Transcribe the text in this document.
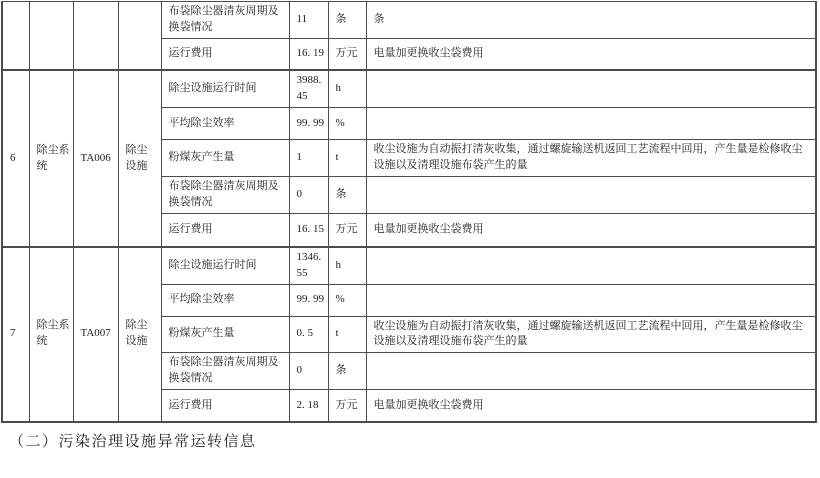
				布袋除尘器清灰周期及换袋情况	11	条	条
				运行费用	16. 19	万元	电量加更换收尘袋费用
6	除尘系统	TA006	除尘设施	除尘设施运行时间	3988. 45	h	
				平均除尘效率	99. 99	%	
				粉煤灰产生量	1	t	收尘设施为自动振打清灰收集，通过螺旋输送机返回工艺流程中回用，产生量是检修收尘设施以及清理设施布袋产生的量
				布袋除尘器清灰周期及换袋情况	0	条	
				运行费用	16. 15	万元	电量加更换收尘袋费用
7	除尘系统	TA007	除尘设施	除尘设施运行时间	1346. 55	h	
				平均除尘效率	99. 99	%	
				粉煤灰产生量	0. 5	t	收尘设施为自动振打清灰收集，通过螺旋输送机返回工艺流程中回用，产生量是检修收尘设施以及清理设施布袋产生的量
				布袋除尘器清灰周期及换袋情况	0	条	
				运行费用	2. 18	万元	电量加更换收尘袋费用
（二）污染治理设施异常运转信息
